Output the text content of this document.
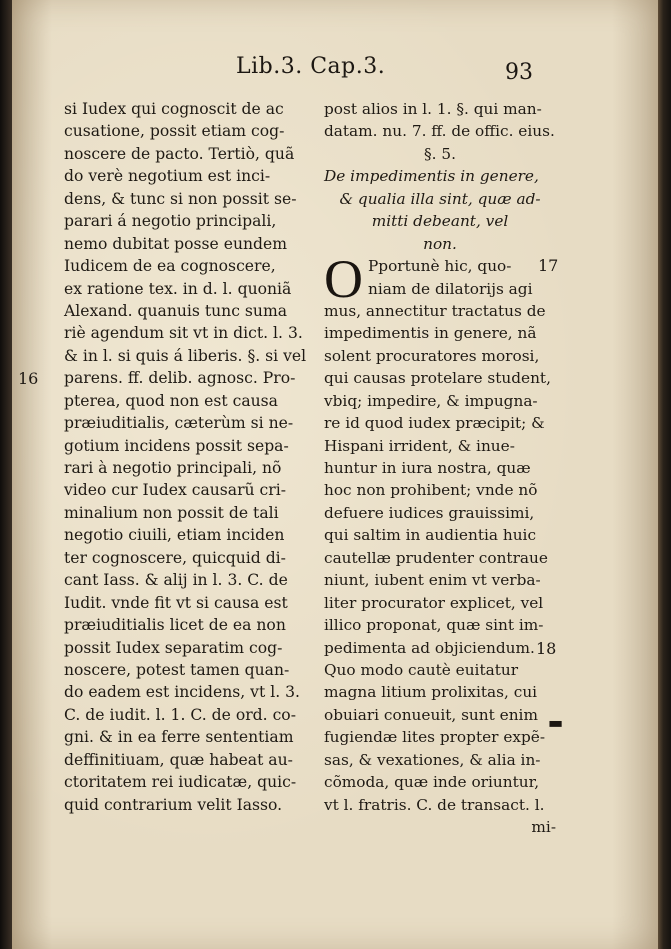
Lib.3. Cap.3.	93
si Iudex qui cognoscit de ac
cusatione, possit etiam cog-
noscere de pacto. Tertiò, quã
do verè negotium est inci-
dens, & tunc si non possit se-
parari á negotio principali,
nemo dubitat posse eundem
Iudicem de ea cognoscere,
ex ratione tex. in d. l. quoniã
Alexand. quanuis tunc suma
riè agendum sit vt in dict. l. 3.
& in l. si quis á liberis. §. si vel
parens. ff. delib. agnosc. Pro-
pterea, quod non est causa
præiuditialis, cæterùm si ne-
gotium incidens possit sepa-
rari à negotio principali, nõ
video cur Iudex causarũ cri-
minalium non possit de tali
negotio ciuili, etiam inciden
ter cognoscere, quicquid di-
cant Iass. & alij in l. 3. C. de
Iudit. vnde fit vt si causa est
præiuditialis licet de ea non
possit Iudex separatim cog-
noscere, potest tamen quan-
do eadem est incidens, vt l. 3.
C. de iudit. l. 1. C. de ord. co-
gni. & in ea ferre sententiam
deffinitiuam, quæ habeat au-
ctoritatem rei iudicatæ, quic-
quid contrarium velit Iasso.
post alios in l. 1. §. qui man-
datam. nu. 7. ff. de offic. eius.
§. 5.
De impedimentis in genere,
& qualia illa sint, quæ ad-
mitti debeant, vel
non.
O Pportunè hic, quo-
niam de dilatorijs agi
mus, annectitur tractatus de
impedimentis in genere, nã
solent procuratores morosi,
qui causas protelare student,
vbiq; impedire, & impugna-
re id quod iudex præcipit; &
Hispani irrident, & inue-
huntur in iura nostra, quæ
hoc non prohibent; vnde nõ
defuere iudices grauissimi,
qui saltim in audientia huic
cautellæ prudenter contraue
niunt, iubent enim vt verba-
liter procurator explicet, vel
illico proponat, quæ sint im-
pedimenta ad objiciendum.
Quo modo cautè euitatur
magna litium prolixitas, cui
obuiari conueuit, sunt enim
fugiendæ lites propter expẽ-
sas, & vexationes, & alia in-
cõmoda, quæ inde oriuntur,
vt l. fratris. C. de transact. l.
mi-
16
17
18
▬
